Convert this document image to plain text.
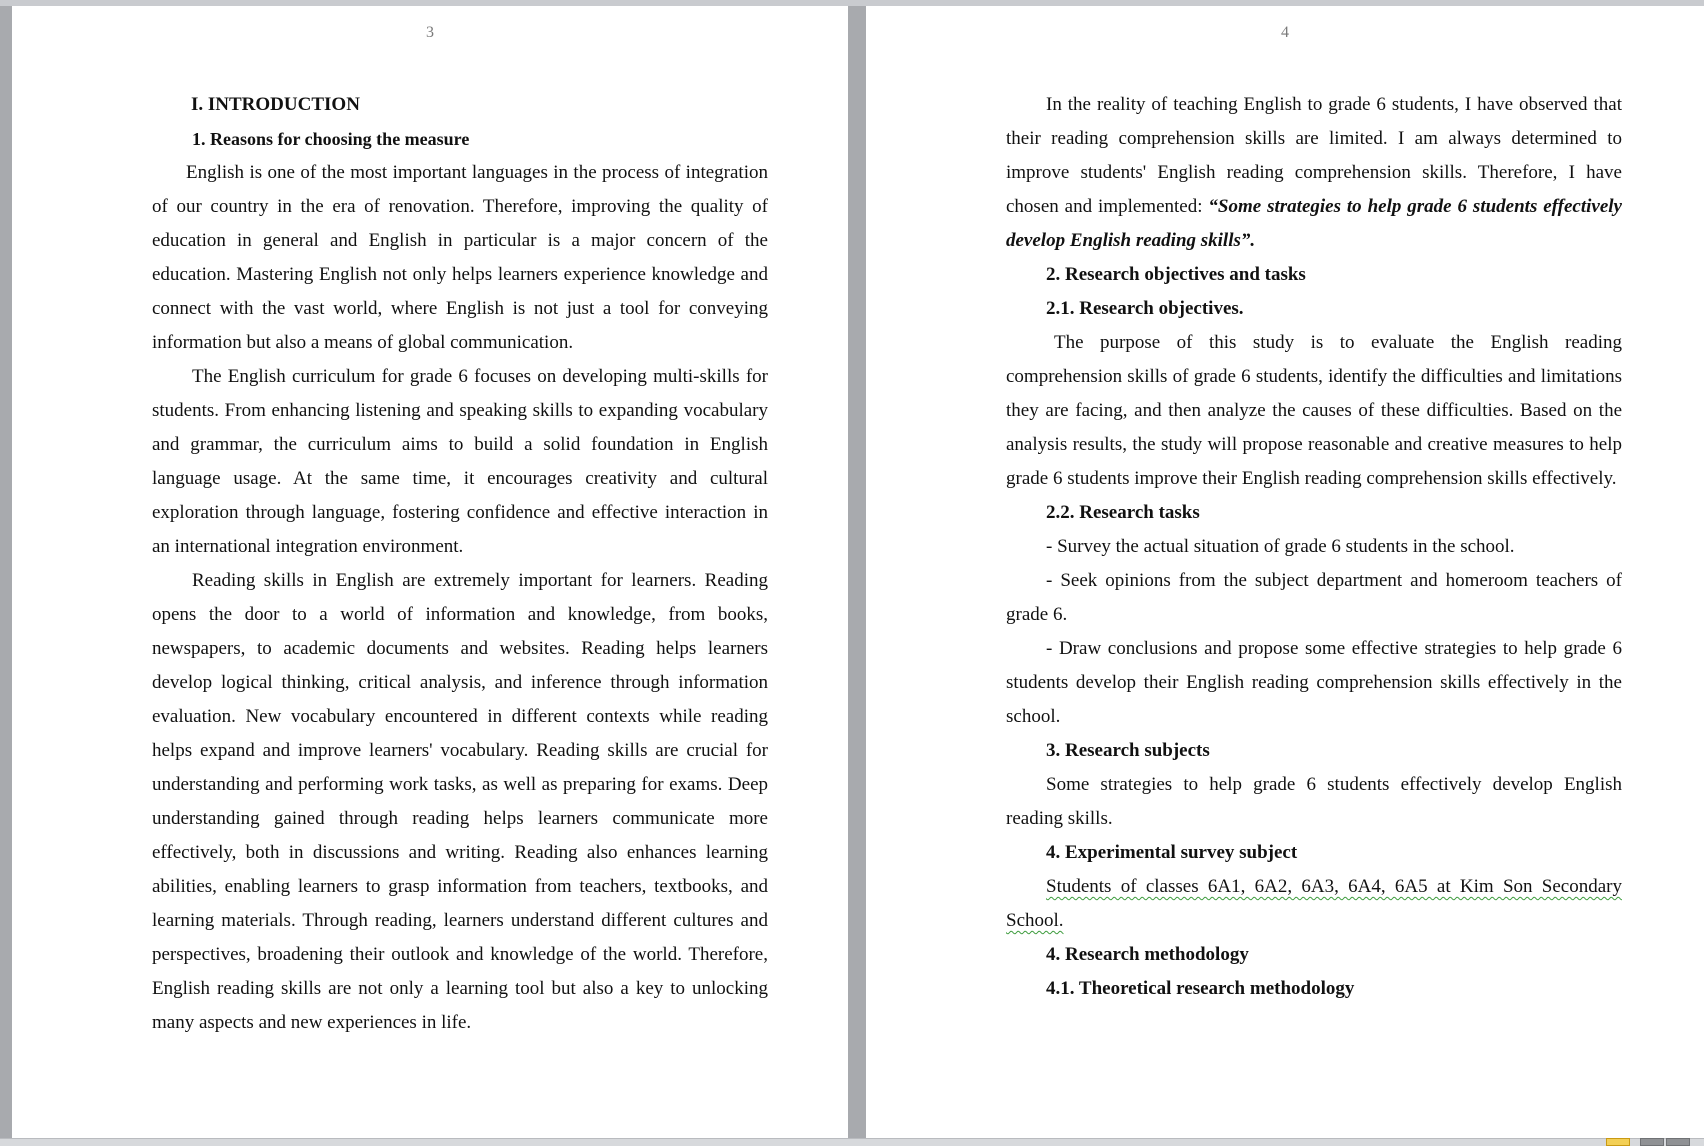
3
I. INTRODUCTION
1. Reasons for choosing the measure

English is one of the most important languages in the process of integration of our country in the era of renovation. Therefore, improving the quality of education in general and English in particular is a major concern of the education. Mastering English not only helps learners experience knowledge and connect with the vast world, where English is not just a tool for conveying information but also a means of global communication.

The English curriculum for grade 6 focuses on developing multi-skills for students. From enhancing listening and speaking skills to expanding vocabulary and grammar, the curriculum aims to build a solid foundation in English language usage. At the same time, it encourages creativity and cultural exploration through language, fostering confidence and effective interaction in an international integration environment.

Reading skills in English are extremely important for learners. Reading opens the door to a world of information and knowledge, from books, newspapers, to academic documents and websites. Reading helps learners develop logical thinking, critical analysis, and inference through information evaluation. New vocabulary encountered in different contexts while reading helps expand and improve learners' vocabulary. Reading skills are crucial for understanding and performing work tasks, as well as preparing for exams. Deep understanding gained through reading helps learners communicate more effectively, both in discussions and writing. Reading also enhances learning abilities, enabling learners to grasp information from teachers, textbooks, and learning materials. Through reading, learners understand different cultures and perspectives, broadening their outlook and knowledge of the world. Therefore, English reading skills are not only a learning tool but also a key to unlocking many aspects and new experiences in life.

4

In the reality of teaching English to grade 6 students, I have observed that their reading comprehension skills are limited. I am always determined to improve students' English reading comprehension skills. Therefore, I have chosen and implemented: “Some strategies to help grade 6 students effectively develop English reading skills”.

2. Research objectives and tasks
2.1. Research objectives.

The purpose of this study is to evaluate the English reading comprehension skills of grade 6 students, identify the difficulties and limitations they are facing, and then analyze the causes of these difficulties. Based on the analysis results, the study will propose reasonable and creative measures to help grade 6 students improve their English reading comprehension skills effectively.

2.2. Research tasks

- Survey the actual situation of grade 6 students in the school.

- Seek opinions from the subject department and homeroom teachers of grade 6.

- Draw conclusions and propose some effective strategies to help grade 6 students develop their English reading comprehension skills effectively in the school.

3. Research subjects

Some strategies to help grade 6 students effectively develop English reading skills.

4. Experimental survey subject

Students of classes 6A1, 6A2, 6A3, 6A4, 6A5 at Kim Son Secondary School.

4. Research methodology
4.1. Theoretical research methodology
